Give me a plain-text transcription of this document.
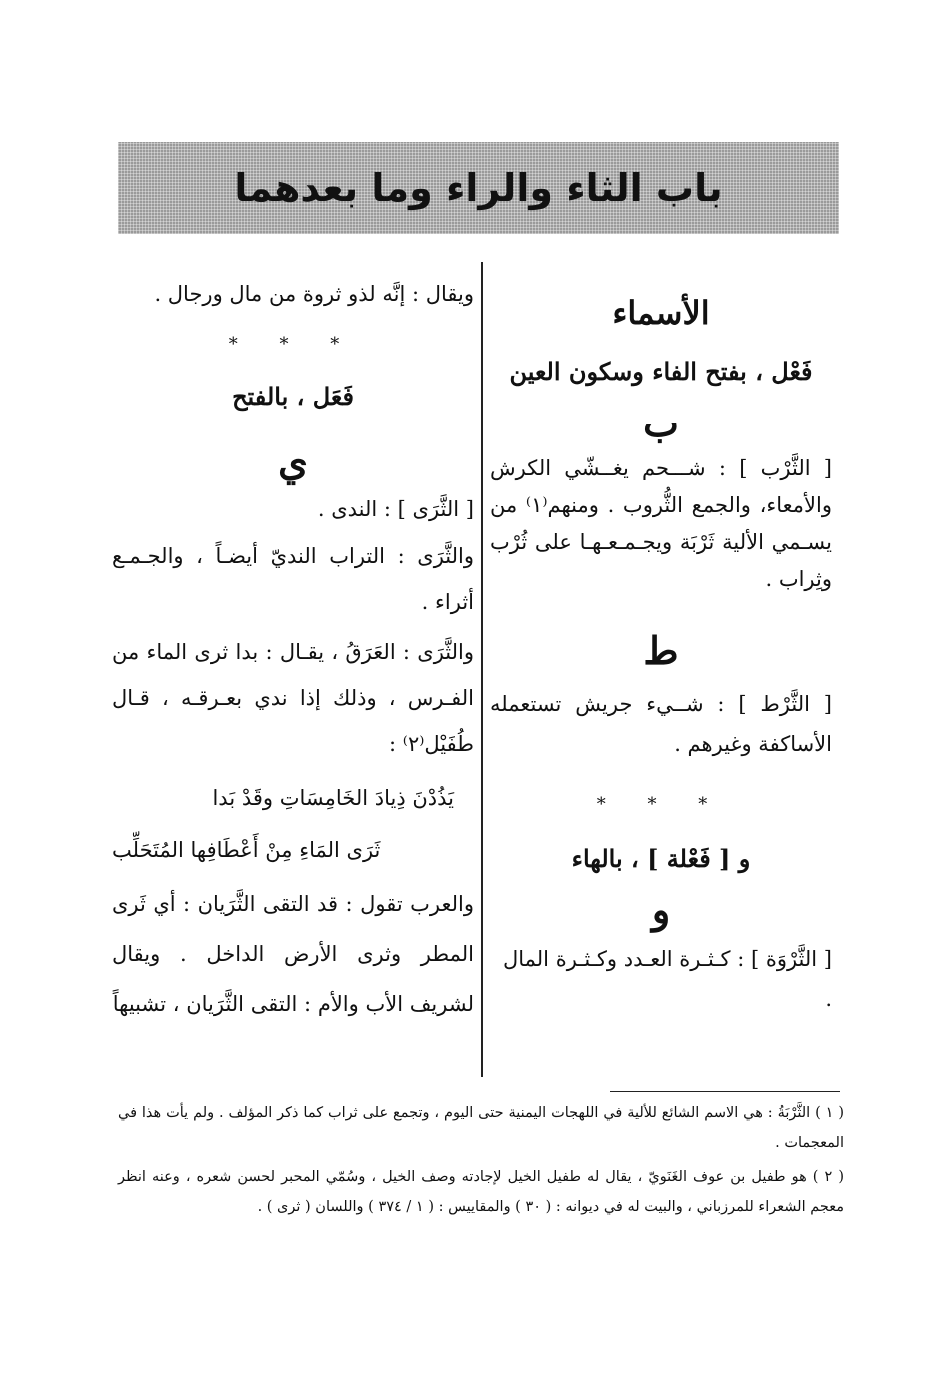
باب الثاء والراء وما بعدهما

الأسماء

فَعْل ، بفتح الفاء وسكون العين

ب

[ الثَّرْب ] : شـــحم يغــشّي الكرش والأمعاء، والجمع الثُّروب . ومنهم⁽١⁾ من يسـمي الألية ثَرْبَة ويجـمـعـهـا على ثُرْب وثِراب .

ط

[ الثَّرْط ] : شــيء جريش تستعمله الأساكفة وغيرهم .

* * *

و [ فَعْلة ] ، بالهاء

و

[ الثَّرْوَة ] : كـثـرة العـدد وكـثـرة المال .

ويقال : إنَّه لذو ثروة من مال ورجال .

* * *

فَعَل ، بالفتح

ي

[ الثَّرَى ] : الندى .

والثَّرَى : التراب النديّ أيضـاً ، والجـمـع أثراء .

والثَّرَى : العَرَقُ ، يقـال : بدا ثرى الماء من الفـرس ، وذلك إذا ندي بعـرقـه ، قـال طُفَيْل⁽٢⁾ :

يَذُدْنَ ذِيادَ الخَامِسَاتِ وقَدْ بَدا

ثَرَى المَاءِ مِنْ أَعْطَافِها المُتَحَلِّب

والعرب تقول : قد التقى الثَّرَيان : أي ثَرى المطر وثرى الأرض الداخل . ويقال لشريف الأب والأم : التقى الثَّرَيان ، تشبيهاً

( ١ ) الثَّرْبَةُ : هي الاسم الشائع للألية في اللهجات اليمنية حتى اليوم ، وتجمع على ثراب كما ذكر المؤلف . ولم يأت هذا في المعجمات .

( ٢ ) هو طفيل بن عوف الغَنَويّ ، يقال له طفيل الخيل لإجادته وصف الخيل ، وسُمّي المحبر لحسن شعره ، وعنه انظر معجم الشعراء للمرزباني ، والبيت له في ديوانه : ( ٣٠ ) والمقاييس : ( ١ / ٣٧٤ ) واللسان ( ثرى ) .
